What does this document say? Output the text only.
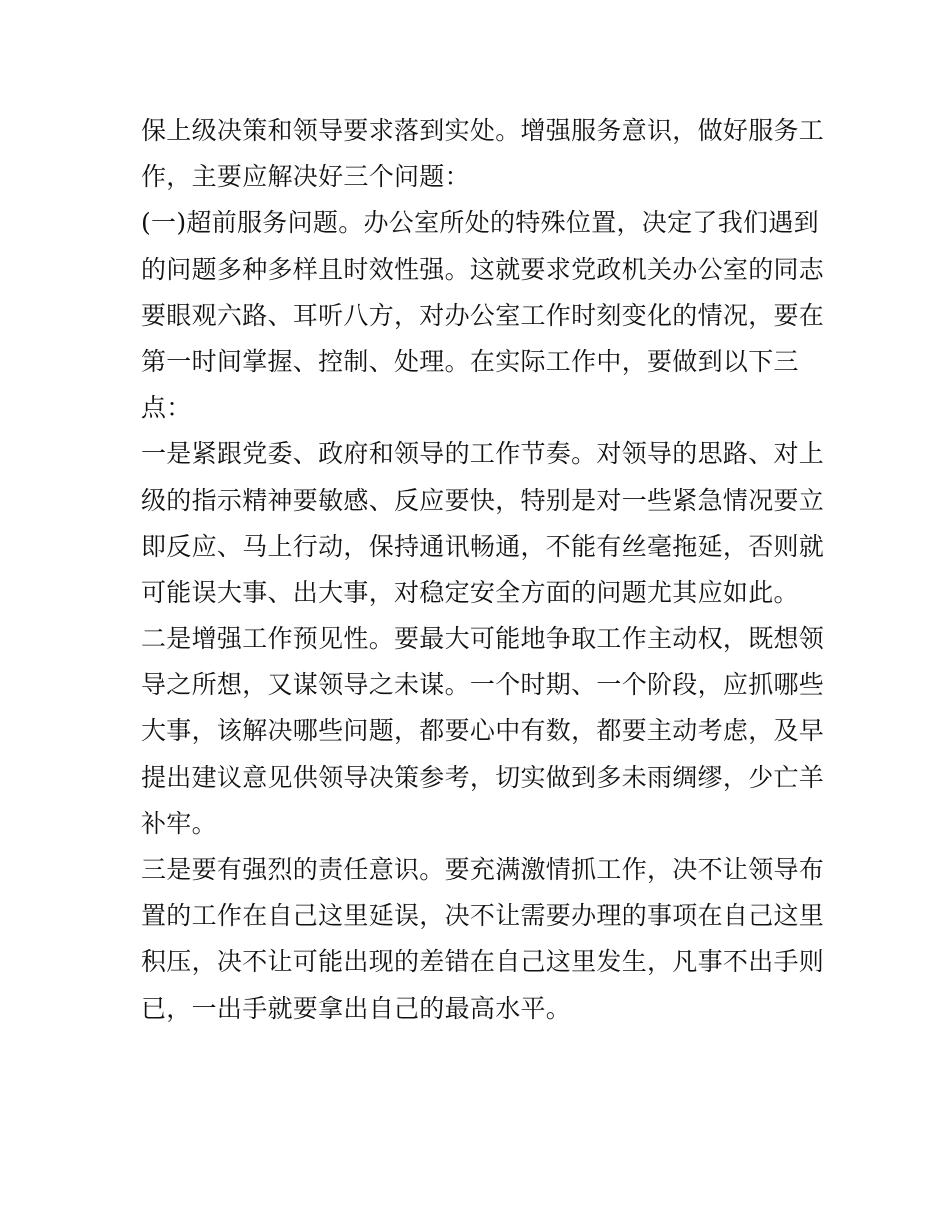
保上级决策和领导要求落到实处。增强服务意识，做好服务工
作，主要应解决好三个问题：
(一)超前服务问题。办公室所处的特殊位置，决定了我们遇到
的问题多种多样且时效性强。这就要求党政机关办公室的同志
要眼观六路、耳听八方，对办公室工作时刻变化的情况，要在
第一时间掌握、控制、处理。在实际工作中，要做到以下三
点：
一是紧跟党委、政府和领导的工作节奏。对领导的思路、对上
级的指示精神要敏感、反应要快，特别是对一些紧急情况要立
即反应、马上行动，保持通讯畅通，不能有丝毫拖延，否则就
可能误大事、出大事，对稳定安全方面的问题尤其应如此。
二是增强工作预见性。要最大可能地争取工作主动权，既想领
导之所想，又谋领导之未谋。一个时期、一个阶段，应抓哪些
大事，该解决哪些问题，都要心中有数，都要主动考虑，及早
提出建议意见供领导决策参考，切实做到多未雨绸缪，少亡羊
补牢。
三是要有强烈的责任意识。要充满激情抓工作，决不让领导布
置的工作在自己这里延误，决不让需要办理的事项在自己这里
积压，决不让可能出现的差错在自己这里发生，凡事不出手则
已，一出手就要拿出自己的最高水平。
